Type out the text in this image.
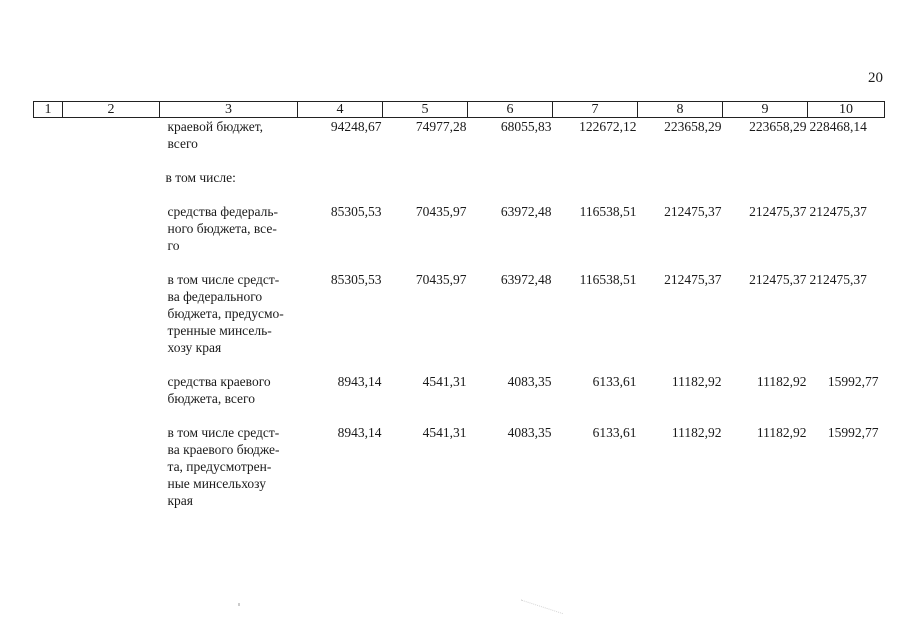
20
1	2	3	4	5	6	7	8	9	10
		краевой бюджет,
всего	94248,67	74977,28	68055,83	122672,12	223658,29	223658,29	228468,14

		в том числе:							

		средства федераль-
ного бюджета, все-
го	85305,53	70435,97	63972,48	116538,51	212475,37	212475,37	212475,37

		в том числе средст-
ва федерального
бюджета, предусмо-
тренные минсель-
хозу края	85305,53	70435,97	63972,48	116538,51	212475,37	212475,37	212475,37

		средства краевого
бюджета, всего	8943,14	4541,31	4083,35	6133,61	11182,92	11182,92	15992,77

		в том числе средст-
ва краевого бюдже-
та, предусмотрен-
ные минсельхозу
края	8943,14	4541,31	4083,35	6133,61	11182,92	11182,92	15992,77
